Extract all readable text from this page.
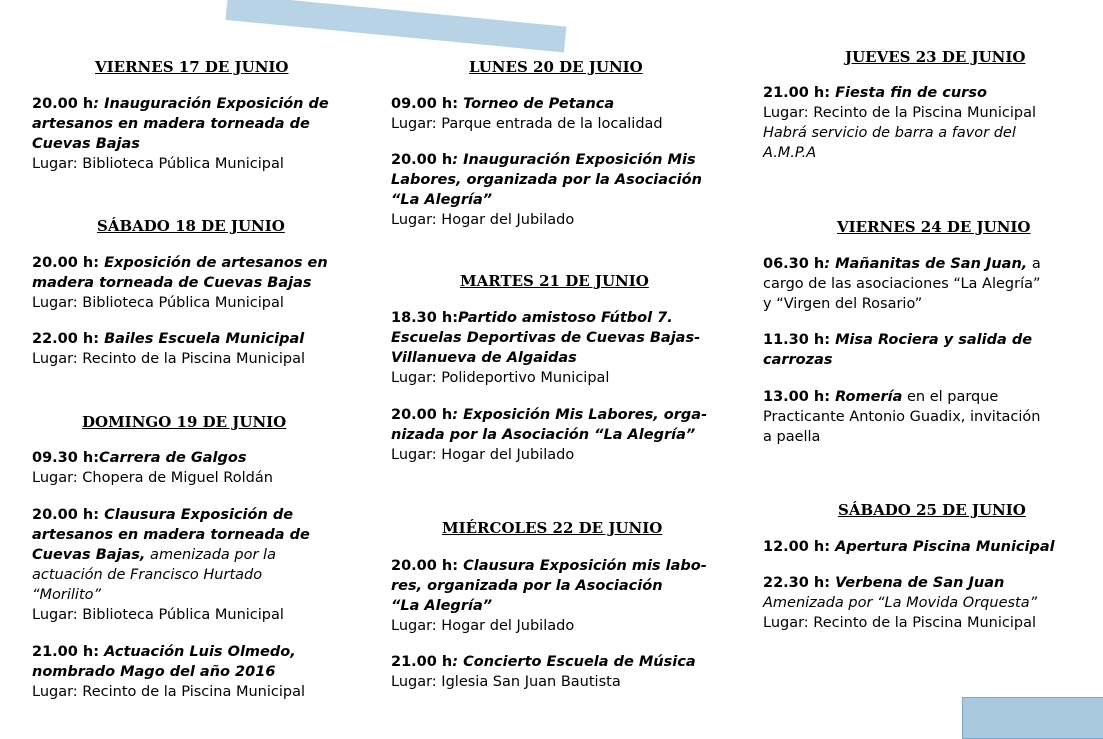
VIERNES 17 DE JUNIO
20.00 h: Inauguración Exposición de
artesanos en madera torneada de
Cuevas Bajas
Lugar: Biblioteca Pública Municipal
SÁBADO 18 DE JUNIO
20.00 h: Exposición de artesanos en
madera torneada de Cuevas Bajas
Lugar: Biblioteca Pública Municipal
22.00 h: Bailes Escuela Municipal
Lugar: Recinto de la Piscina Municipal
DOMINGO 19 DE JUNIO
09.30 h:Carrera de Galgos
Lugar: Chopera de Miguel Roldán
20.00 h: Clausura Exposición de
artesanos en madera torneada de
Cuevas Bajas, amenizada por la
actuación de Francisco Hurtado
“Morilito”
Lugar: Biblioteca Pública Municipal
21.00 h: Actuación Luis Olmedo,
nombrado Mago del año 2016
Lugar: Recinto de la Piscina Municipal
LUNES 20 DE JUNIO
09.00 h: Torneo de Petanca
Lugar: Parque entrada de la localidad
20.00 h: Inauguración Exposición Mis
Labores, organizada por la Asociación
“La Alegría”
Lugar: Hogar del Jubilado
MARTES 21 DE JUNIO
18.30 h:Partido amistoso Fútbol 7.
Escuelas Deportivas de Cuevas Bajas-
Villanueva de Algaidas
Lugar: Polideportivo Municipal
20.00 h: Exposición Mis Labores, orga-
nizada por la Asociación “La Alegría”
Lugar: Hogar del Jubilado
MIÉRCOLES 22 DE JUNIO
20.00 h: Clausura Exposición mis labo-
res, organizada por la Asociación
“La Alegría”
Lugar: Hogar del Jubilado
21.00 h: Concierto Escuela de Música
Lugar: Iglesia San Juan Bautista
JUEVES 23 DE JUNIO
21.00 h: Fiesta fin de curso
Lugar: Recinto de la Piscina Municipal
Habrá servicio de barra a favor del
A.M.P.A
VIERNES 24 DE JUNIO
06.30 h: Mañanitas de San Juan, a
cargo de las asociaciones “La Alegría”
y “Virgen del Rosario”
11.30 h: Misa Rociera y salida de
carrozas
13.00 h: Romería en el parque
Practicante Antonio Guadix, invitación
a paella
SÁBADO 25 DE JUNIO
12.00 h: Apertura Piscina Municipal
22.30 h: Verbena de San Juan
Amenizada por “La Movida Orquesta”
Lugar: Recinto de la Piscina Municipal
